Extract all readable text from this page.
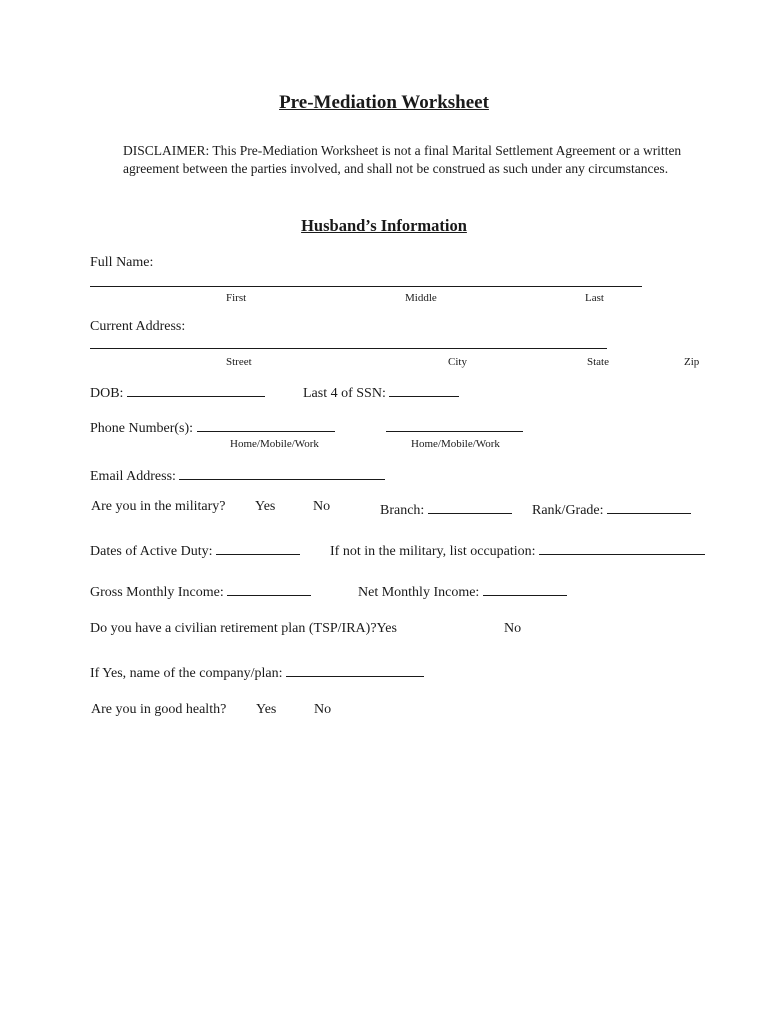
Pre-Mediation Worksheet
DISCLAIMER: This Pre-Mediation Worksheet is not a final Marital Settlement Agreement or a written agreement between the parties involved, and shall not be construed as such under any circumstances.
Husband’s Information
Full Name:
First	Middle	Last
Current Address:
Street	City	State	Zip
DOB:	Last 4 of SSN:
Phone Number(s):
Home/Mobile/Work	Home/Mobile/Work
Email Address:
Are you in the military? Yes	No	Branch:	Rank/Grade:
Dates of Active Duty:	If not in the military, list occupation:
Gross Monthly Income:	Net Monthly Income:
Do you have a civilian retirement plan (TSP/IRA)?Yes	No
If Yes, name of the company/plan:
Are you in good health? Yes	No
